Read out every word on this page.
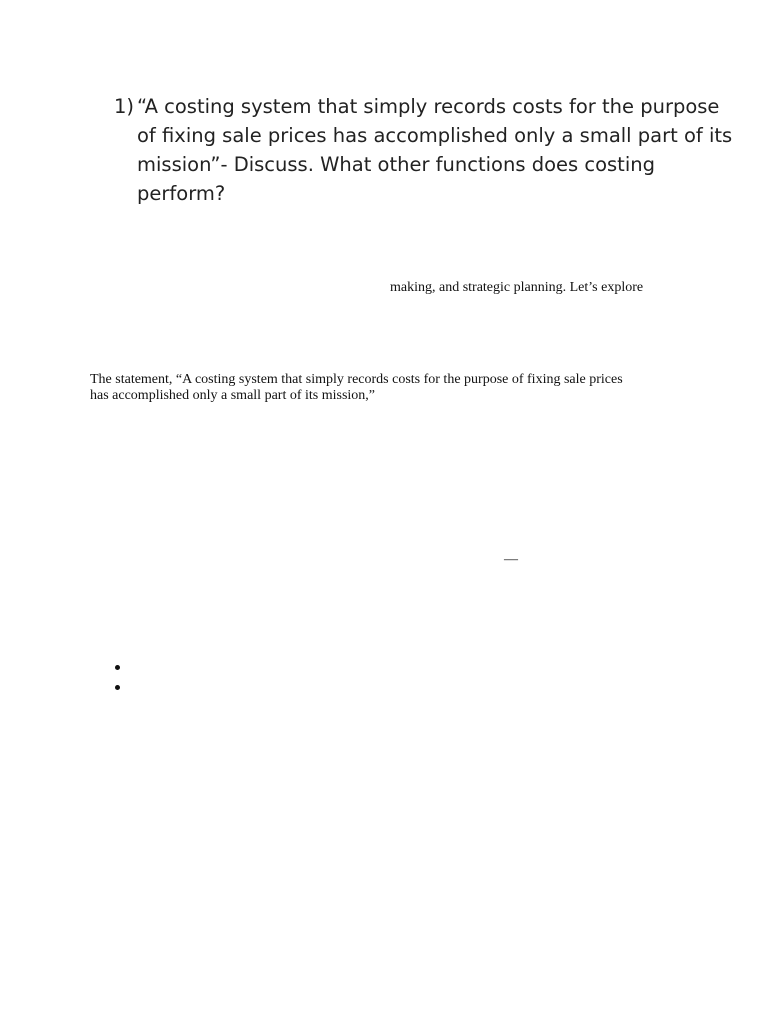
1) “A costing system that simply records costs for the purpose
of fixing sale prices has accomplished only a small part of its
mission”- Discuss. What other functions does costing
perform?
making, and strategic planning. Let’s explore
The statement, “A costing system that simply records costs for the purpose of fixing sale prices
has accomplished only a small part of its mission,”
—
